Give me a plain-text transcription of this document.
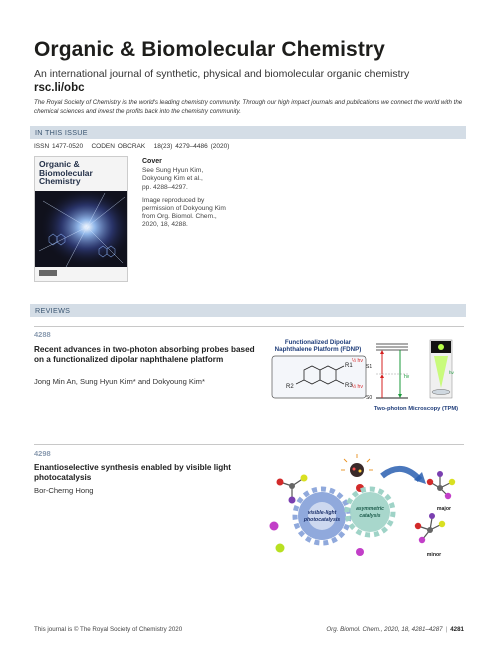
Organic & Biomolecular Chemistry
An international journal of synthetic, physical and biomolecular organic chemistry
rsc.li/obc
The Royal Society of Chemistry is the world's leading chemistry community. Through our high impact journals and publications we connect the world with the chemical sciences and invest the profits back into the chemistry community.
IN THIS ISSUE
ISSN 1477-0520 CODEN OBCRAK 18(23) 4279–4486 (2020)
Organic &
Biomolecular
Chemistry
Cover
See Sung Hyun Kim,
Dokyoung Kim et al.,
pp. 4288–4297.
Image reproduced by
permission of Dokyoung Kim
from Org. Biomol. Chem.,
2020, 18, 4288.
REVIEWS
4288
Recent advances in two-photon absorbing probes based on a functionalized dipolar naphthalene platform
Jong Min An, Sung Hyun Kim* and Dokyoung Kim*
Functionalized Dipolar
Naphthalene Platform (FDNP)
R1
R2	R3
S1
S0
½ hν
½ hν
hν
hν
Two-photon Microscopy (TPM)
4298
Enantioselective synthesis enabled by visible light photocatalysis
Bor-Cherng Hong
visible-light
photocatalysis
asymmetric
catalysis
major
minor
This journal is © The Royal Society of Chemistry 2020	Org. Biomol. Chem., 2020, 18, 4281–4287 | 4281
